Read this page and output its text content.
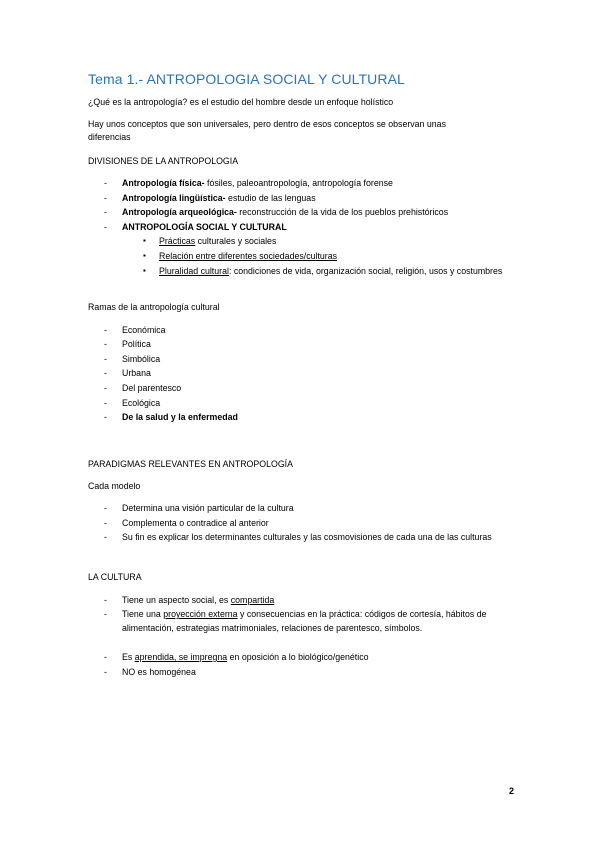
Tema 1.- ANTROPOLOGIA SOCIAL Y CULTURAL
¿Qué es la antropología? es el estudio del hombre desde un enfoque holístico
Hay unos conceptos que son universales, pero dentro de esos conceptos se observan unas
diferencias
DIVISIONES DE LA ANTROPOLOGIA
- Antropología física- fósiles, paleoantropología, antropología forense
- Antropología lingüística- estudio de las lenguas
- Antropología arqueológica- reconstrucción de la vida de los pueblos prehistóricos
- ANTROPOLOGÍA SOCIAL Y CULTURAL
▪ Prácticas culturales y sociales
▪ Relación entre diferentes sociedades/culturas
▪ Pluralidad cultural: condiciones de vida, organización social, religión, usos y costumbres
Ramas de la antropología cultural
- Económica
- Política
- Simbólica
- Urbana
- Del parentesco
- Ecológica
- De la salud y la enfermedad
PARADIGMAS RELEVANTES EN ANTROPOLOGÍA
Cada modelo
- Determina una visión particular de la cultura
- Complementa o contradice al anterior
- Su fin es explicar los determinantes culturales y las cosmovisiones de cada una de las culturas
LA CULTURA
- Tiene un aspecto social, es compartida
- Tiene una proyección externa y consecuencias en la práctica: códigos de cortesía, hábitos de alimentación, estrategias matrimoniales, relaciones de parentesco, símbolos.
- Es aprendida, se impregna en oposición a lo biológico/genético
- NO es homogénea
2
